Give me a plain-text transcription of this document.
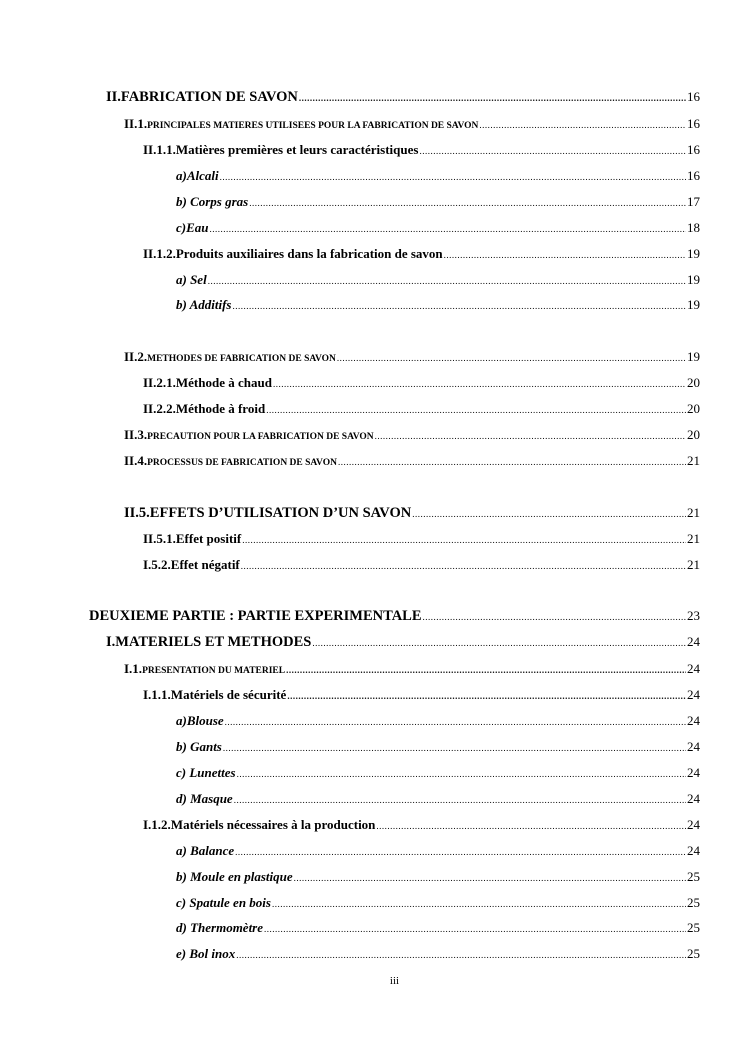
II.FABRICATION DE SAVON .....	16
II.1.PRINCIPALES MATIERES UTILISEES POUR LA FABRICATION DE SAVON .....	16
II.1.1.Matières premières et leurs caractéristiques .....	16
a)Alcali .....	16
b) Corps gras .....	17
c)Eau .....	18
II.1.2.Produits auxiliaires dans la fabrication de savon .....	19
a) Sel .....	19
b) Additifs .....	19
II.2.METHODES DE FABRICATION DE SAVON .....	19
II.2.1.Méthode à chaud .....	20
II.2.2.Méthode à froid .....	20
II.3.PRECAUTION POUR LA FABRICATION DE SAVON .....	20
II.4.PROCESSUS DE FABRICATION DE SAVON .....	21
II.5.EFFETS D’UTILISATION D’UN SAVON .....	21
II.5.1.Effet positif .....	21
I.5.2.Effet négatif .....	21
DEUXIEME PARTIE : PARTIE EXPERIMENTALE .....	23
I.MATERIELS ET METHODES .....	24
I.1.PRESENTATION DU MATERIEL .....	24
I.1.1.Matériels de sécurité .....	24
a)Blouse .....	24
b) Gants .....	24
c) Lunettes .....	24
d) Masque .....	24
I.1.2.Matériels nécessaires à la production .....	24
a) Balance .....	24
b) Moule en plastique .....	25
c) Spatule en bois .....	25
d) Thermomètre .....	25
e) Bol inox .....	25
iii
